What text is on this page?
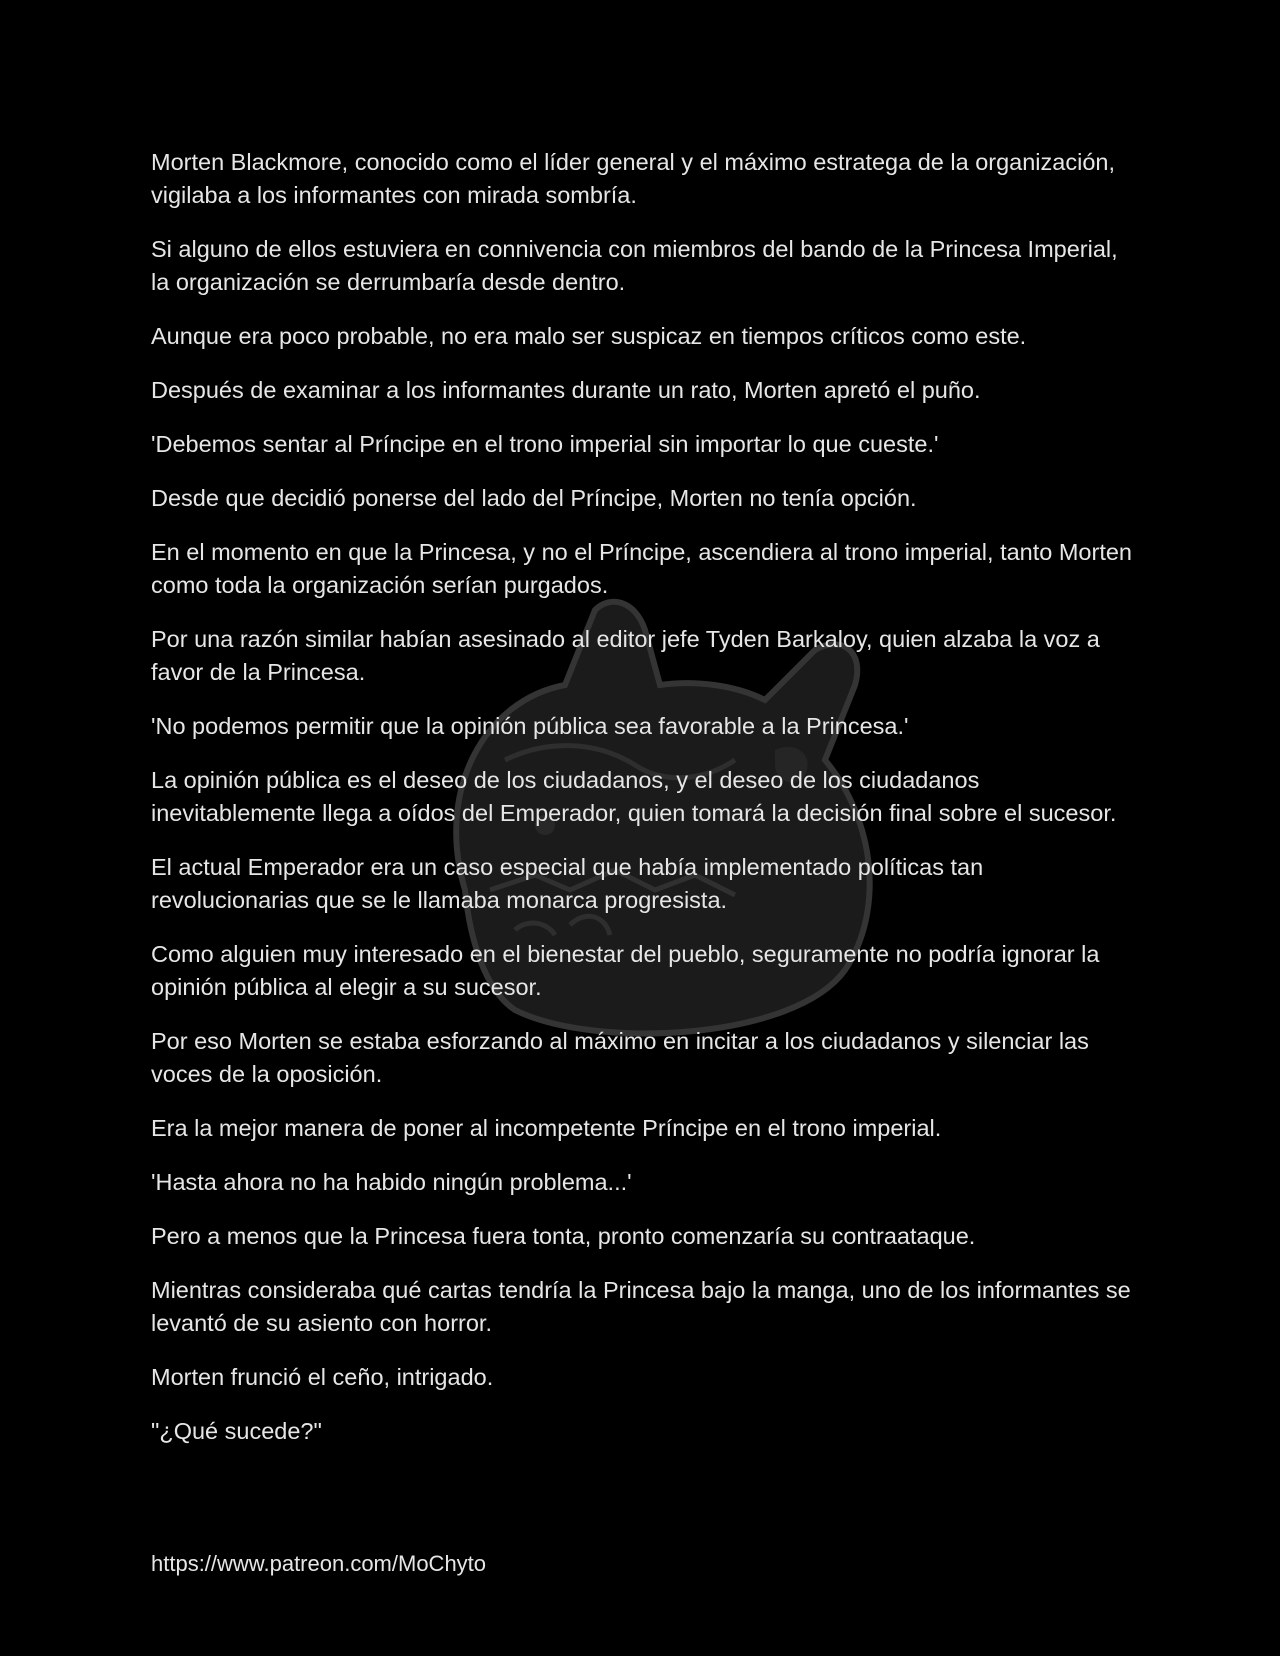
Morten Blackmore, conocido como el líder general y el máximo estratega de la organización, vigilaba a los informantes con mirada sombría.

Si alguno de ellos estuviera en connivencia con miembros del bando de la Princesa Imperial, la organización se derrumbaría desde dentro.

Aunque era poco probable, no era malo ser suspicaz en tiempos críticos como este.

Después de examinar a los informantes durante un rato, Morten apretó el puño.

'Debemos sentar al Príncipe en el trono imperial sin importar lo que cueste.'

Desde que decidió ponerse del lado del Príncipe, Morten no tenía opción.

En el momento en que la Princesa, y no el Príncipe, ascendiera al trono imperial, tanto Morten como toda la organización serían purgados.

Por una razón similar habían asesinado al editor jefe Tyden Barkaloy, quien alzaba la voz a favor de la Princesa.

'No podemos permitir que la opinión pública sea favorable a la Princesa.'

La opinión pública es el deseo de los ciudadanos, y el deseo de los ciudadanos inevitablemente llega a oídos del Emperador, quien tomará la decisión final sobre el sucesor.

El actual Emperador era un caso especial que había implementado políticas tan revolucionarias que se le llamaba monarca progresista.

Como alguien muy interesado en el bienestar del pueblo, seguramente no podría ignorar la opinión pública al elegir a su sucesor.

Por eso Morten se estaba esforzando al máximo en incitar a los ciudadanos y silenciar las voces de la oposición.

Era la mejor manera de poner al incompetente Príncipe en el trono imperial.

'Hasta ahora no ha habido ningún problema...'

Pero a menos que la Princesa fuera tonta, pronto comenzaría su contraataque.

Mientras consideraba qué cartas tendría la Princesa bajo la manga, uno de los informantes se levantó de su asiento con horror.

Morten frunció el ceño, intrigado.

"¿Qué sucede?"

https://www.patreon.com/MoChyto
